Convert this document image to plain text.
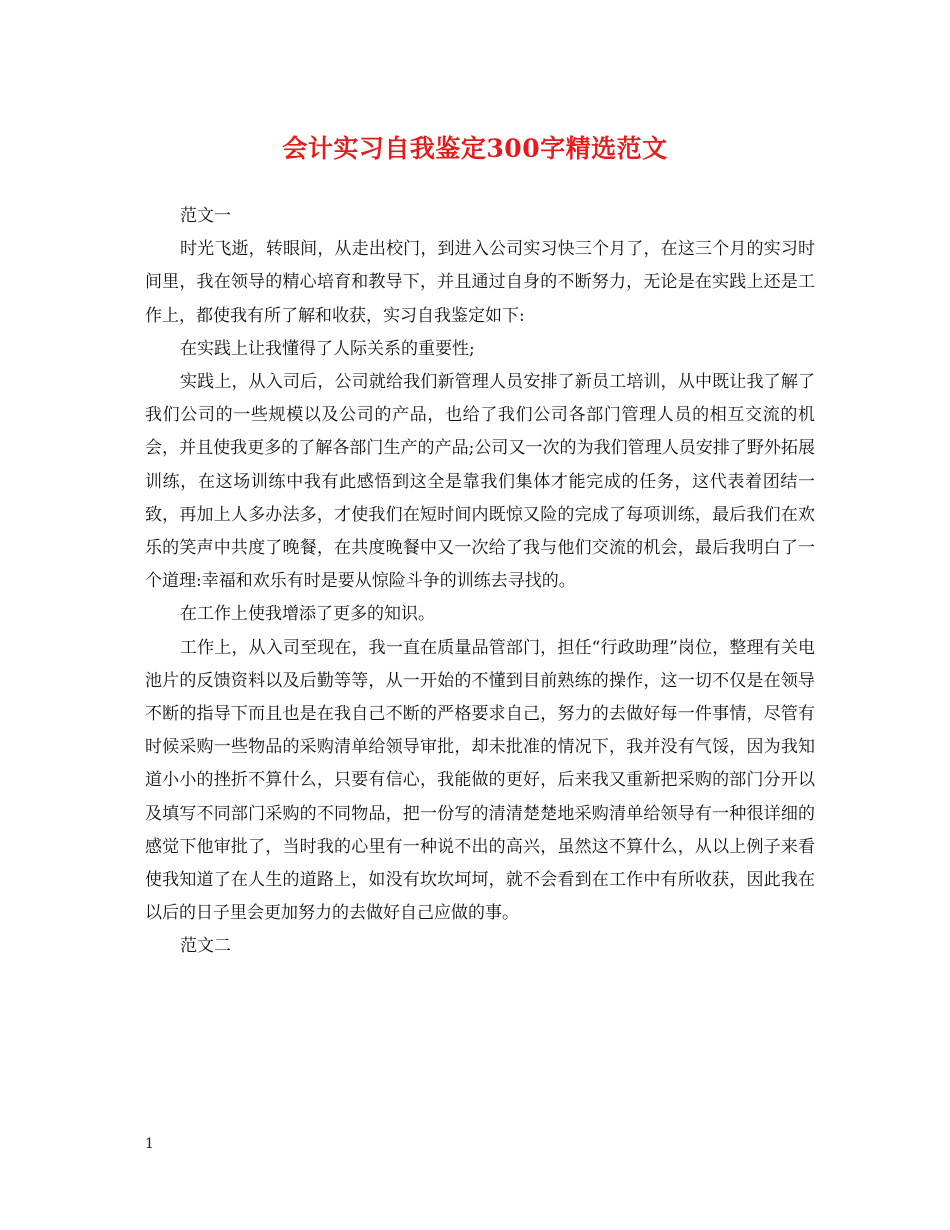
会计实习自我鉴定300字精选范文

范文一

时光飞逝，转眼间，从走出校门，到进入公司实习快三个月了，在这三个月的实习时间里，我在领导的精心培育和教导下，并且通过自身的不断努力，无论是在实践上还是工作上，都使我有所了解和收获，实习自我鉴定如下:

在实践上让我懂得了人际关系的重要性;

实践上，从入司后，公司就给我们新管理人员安排了新员工培训，从中既让我了解了我们公司的一些规模以及公司的产品，也给了我们公司各部门管理人员的相互交流的机会，并且使我更多的了解各部门生产的产品;公司又一次的为我们管理人员安排了野外拓展训练，在这场训练中我有此感悟到这全是靠我们集体才能完成的任务，这代表着团结一致，再加上人多办法多，才使我们在短时间内既惊又险的完成了每项训练，最后我们在欢乐的笑声中共度了晚餐，在共度晚餐中又一次给了我与他们交流的机会，最后我明白了一个道理:幸福和欢乐有时是要从惊险斗争的训练去寻找的。

在工作上使我增添了更多的知识。

工作上，从入司至现在，我一直在质量品管部门，担任“行政助理”岗位，整理有关电池片的反馈资料以及后勤等等，从一开始的不懂到目前熟练的操作，这一切不仅是在领导不断的指导下而且也是在我自己不断的严格要求自己，努力的去做好每一件事情，尽管有时候采购一些物品的采购清单给领导审批，却未批准的情况下，我并没有气馁，因为我知道小小的挫折不算什么，只要有信心，我能做的更好，后来我又重新把采购的部门分开以及填写不同部门采购的不同物品，把一份写的清清楚楚地采购清单给领导有一种很详细的感觉下他审批了，当时我的心里有一种说不出的高兴，虽然这不算什么，从以上例子来看使我知道了在人生的道路上，如没有坎坎坷坷，就不会看到在工作中有所收获，因此我在以后的日子里会更加努力的去做好自己应做的事。

范文二

1
